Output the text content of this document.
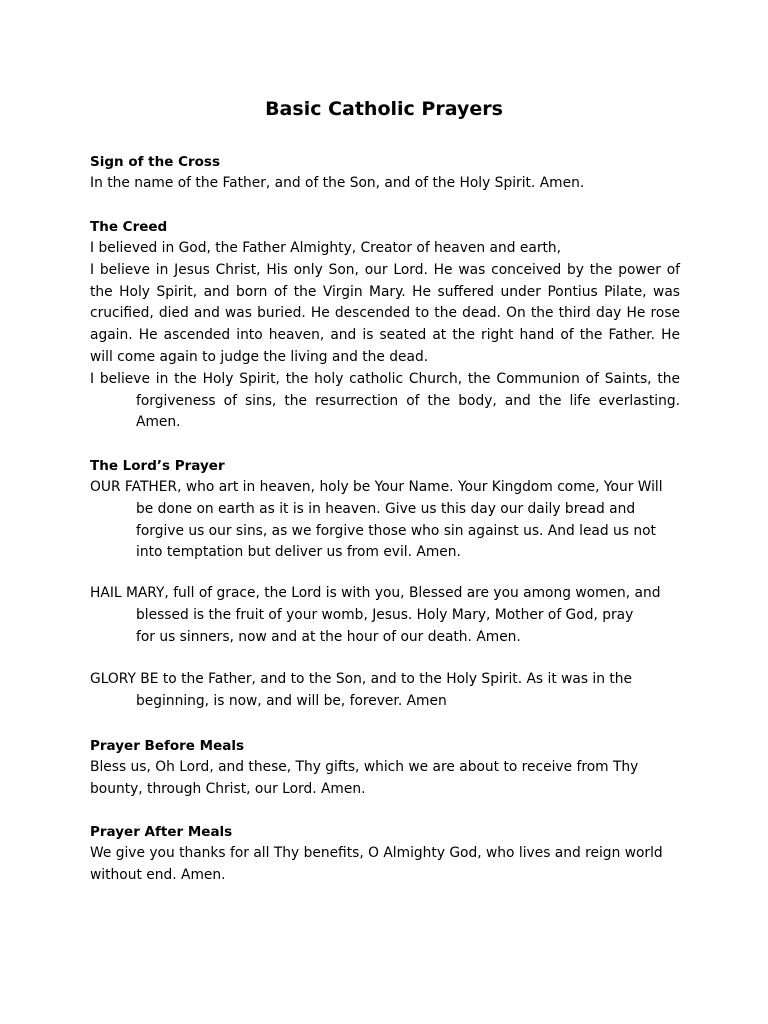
Basic Catholic Prayers
Sign of the Cross
In the name of the Father, and of the Son, and of the Holy Spirit. Amen.
The Creed
I believed in God, the Father Almighty, Creator of heaven and earth,
I believe in Jesus Christ, His only Son, our Lord. He was conceived by the power of
the Holy Spirit, and born of the Virgin Mary. He suffered under Pontius Pilate, was
crucified, died and was buried. He descended to the dead. On the third day He rose
again. He ascended into heaven, and is seated at the right hand of the Father. He
will come again to judge the living and the dead.
I believe in the Holy Spirit, the holy catholic Church, the Communion of Saints, the
forgiveness of sins, the resurrection of the body, and the life everlasting.
Amen.
The Lord’s Prayer
OUR FATHER, who art in heaven, holy be Your Name. Your Kingdom come, Your Will
be done on earth as it is in heaven. Give us this day our daily bread and
forgive us our sins, as we forgive those who sin against us. And lead us not
into temptation but deliver us from evil. Amen.
HAIL MARY, full of grace, the Lord is with you, Blessed are you among women, and
blessed is the fruit of your womb, Jesus. Holy Mary, Mother of God, pray
for us sinners, now and at the hour of our death. Amen.
GLORY BE to the Father, and to the Son, and to the Holy Spirit. As it was in the
beginning, is now, and will be, forever. Amen
Prayer Before Meals
Bless us, Oh Lord, and these, Thy gifts, which we are about to receive from Thy
bounty, through Christ, our Lord. Amen.
Prayer After Meals
We give you thanks for all Thy benefits, O Almighty God, who lives and reign world
without end. Amen.
